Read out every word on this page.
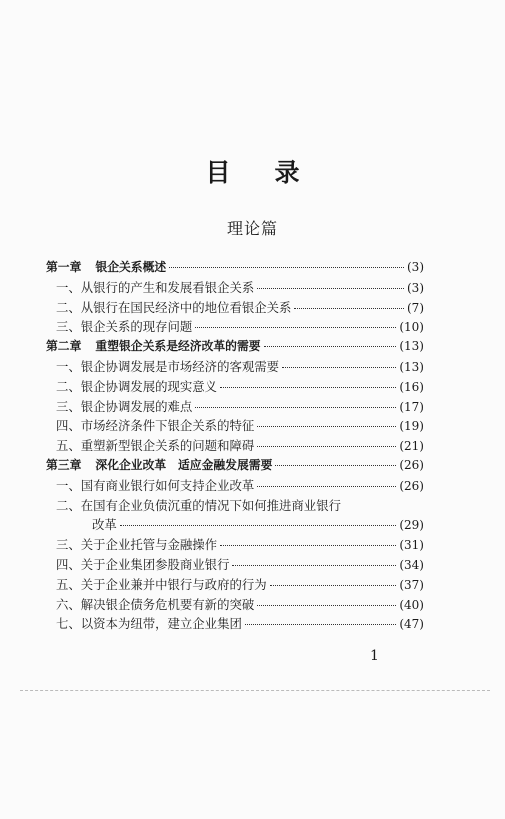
目 录
理论篇
第一章 银企关系概述	(3)
一、从银行的产生和发展看银企关系	(3)
二、从银行在国民经济中的地位看银企关系	(7)
三、银企关系的现存问题	(10)
第二章 重塑银企关系是经济改革的需要	(13)
一、银企协调发展是市场经济的客观需要	(13)
二、银企协调发展的现实意义	(16)
三、银企协调发展的难点	(17)
四、市场经济条件下银企关系的特征	(19)
五、重塑新型银企关系的问题和障碍	(21)
第三章 深化企业改革　适应金融发展需要	(26)
一、国有商业银行如何支持企业改革	(26)
二、在国有企业负债沉重的情况下如何推进商业银行
改革	(29)
三、关于企业托管与金融操作	(31)
四、关于企业集团参股商业银行	(34)
五、关于企业兼并中银行与政府的行为	(37)
六、解决银企债务危机要有新的突破	(40)
七、以资本为纽带，建立企业集团	(47)
1
